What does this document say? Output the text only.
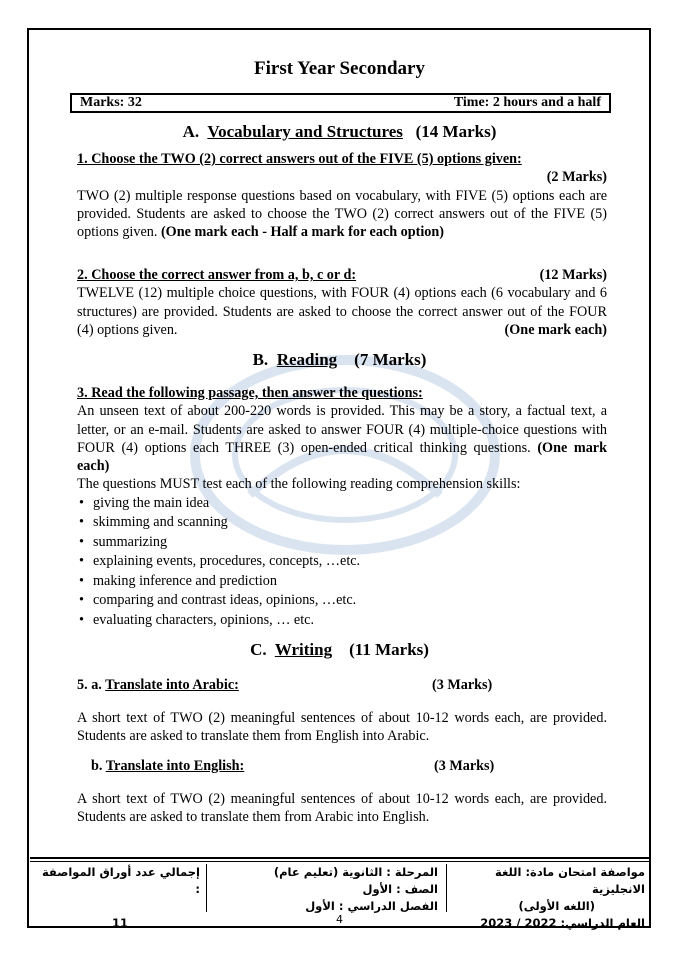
First Year Secondary
Marks: 32	Time: 2 hours and a half
A. Vocabulary and Structures (14 Marks)
1. Choose the TWO (2) correct answers out of the FIVE (5) options given:
(2 Marks)
TWO (2) multiple response questions based on vocabulary, with FIVE (5) options each are provided. Students are asked to choose the TWO (2) correct answers out of the FIVE (5) options given. (One mark each - Half a mark for each option)
2. Choose the correct answer from a, b, c or d:	(12 Marks)
TWELVE (12) multiple choice questions, with FOUR (4) options each (6 vocabulary and 6 structures) are provided. Students are asked to choose the correct answer out of the FOUR (4) options given.	(One mark each)
B. Reading (7 Marks)
3. Read the following passage, then answer the questions:
An unseen text of about 200-220 words is provided. This may be a story, a factual text, a letter, or an e-mail. Students are asked to answer FOUR (4) multiple-choice questions with FOUR (4) options each THREE (3) open-ended critical thinking questions. (One mark each)
The questions MUST test each of the following reading comprehension skills:
• giving the main idea
• skimming and scanning
• summarizing
• explaining events, procedures, concepts, …etc.
• making inference and prediction
• comparing and contrast ideas, opinions, …etc.
• evaluating characters, opinions, … etc.
C. Writing (11 Marks)
5. a. Translate into Arabic:	(3 Marks)
A short text of TWO (2) meaningful sentences of about 10-12 words each, are provided. Students are asked to translate them from English into Arabic.
b. Translate into English:	(3 Marks)
A short text of TWO (2) meaningful sentences of about 10-12 words each, are provided. Students are asked to translate them from Arabic into English.
مواصفة امتحان مادة: اللغة الانجليزية
(اللغه الأولى)
العام الدراسي: 2022 / 2023
المرحلة : الثانوية (تعليم عام)
الصف : الأول
الفصل الدراسي : الأول
إجمالي عدد أوراق المواصفة :
11	4
